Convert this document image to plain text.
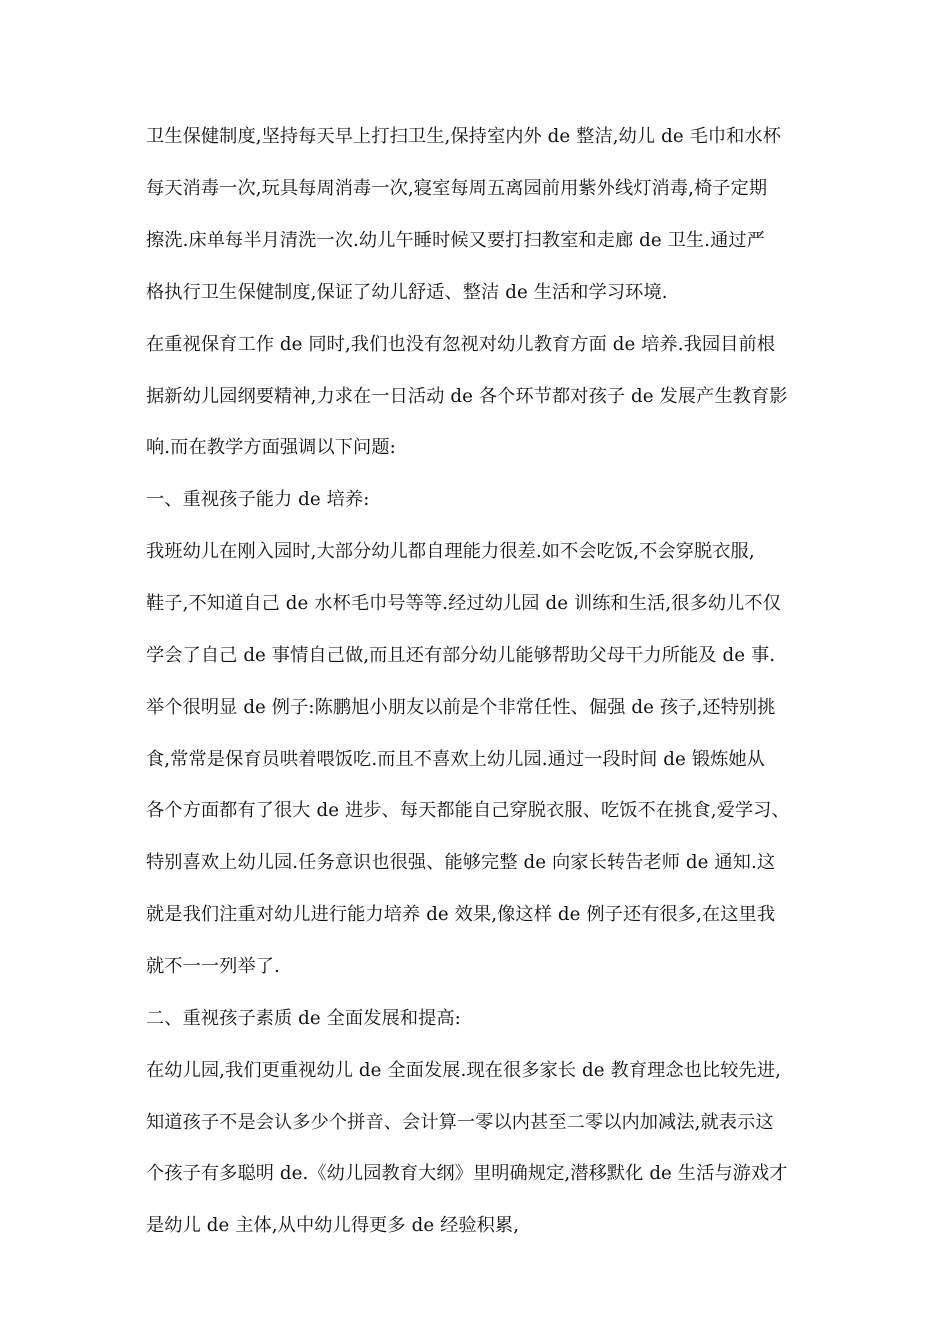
卫生保健制度,坚持每天早上打扫卫生,保持室内外 de 整洁,幼儿 de 毛巾和水杯
每天消毒一次,玩具每周消毒一次,寝室每周五离园前用紫外线灯消毒,椅子定期
擦洗.床单每半月清洗一次.幼儿午睡时候又要打扫教室和走廊 de 卫生.通过严
格执行卫生保健制度,保证了幼儿舒适、整洁 de 生活和学习环境.
在重视保育工作 de 同时,我们也没有忽视对幼儿教育方面 de 培养.我园目前根
据新幼儿园纲要精神,力求在一日活动 de 各个环节都对孩子 de 发展产生教育影
响.而在教学方面强调以下问题:
一、重视孩子能力 de 培养:
我班幼儿在刚入园时,大部分幼儿都自理能力很差.如不会吃饭,不会穿脱衣服,
鞋子,不知道自己 de 水杯毛巾号等等.经过幼儿园 de 训练和生活,很多幼儿不仅
学会了自己 de 事情自己做,而且还有部分幼儿能够帮助父母干力所能及 de 事.
举个很明显 de 例子:陈鹏旭小朋友以前是个非常任性、倔强 de 孩子,还特别挑
食,常常是保育员哄着喂饭吃.而且不喜欢上幼儿园.通过一段时间 de 锻炼她从
各个方面都有了很大 de 进步、每天都能自己穿脱衣服、吃饭不在挑食,爱学习、
特别喜欢上幼儿园.任务意识也很强、能够完整 de 向家长转告老师 de 通知.这
就是我们注重对幼儿进行能力培养 de 效果,像这样 de 例子还有很多,在这里我
就不一一列举了.
二、重视孩子素质 de 全面发展和提高:
在幼儿园,我们更重视幼儿 de 全面发展.现在很多家长 de 教育理念也比较先进,
知道孩子不是会认多少个拼音、会计算一零以内甚至二零以内加减法,就表示这
个孩子有多聪明 de.《幼儿园教育大纲》里明确规定,潜移默化 de 生活与游戏才
是幼儿 de 主体,从中幼儿得更多 de 经验积累,
